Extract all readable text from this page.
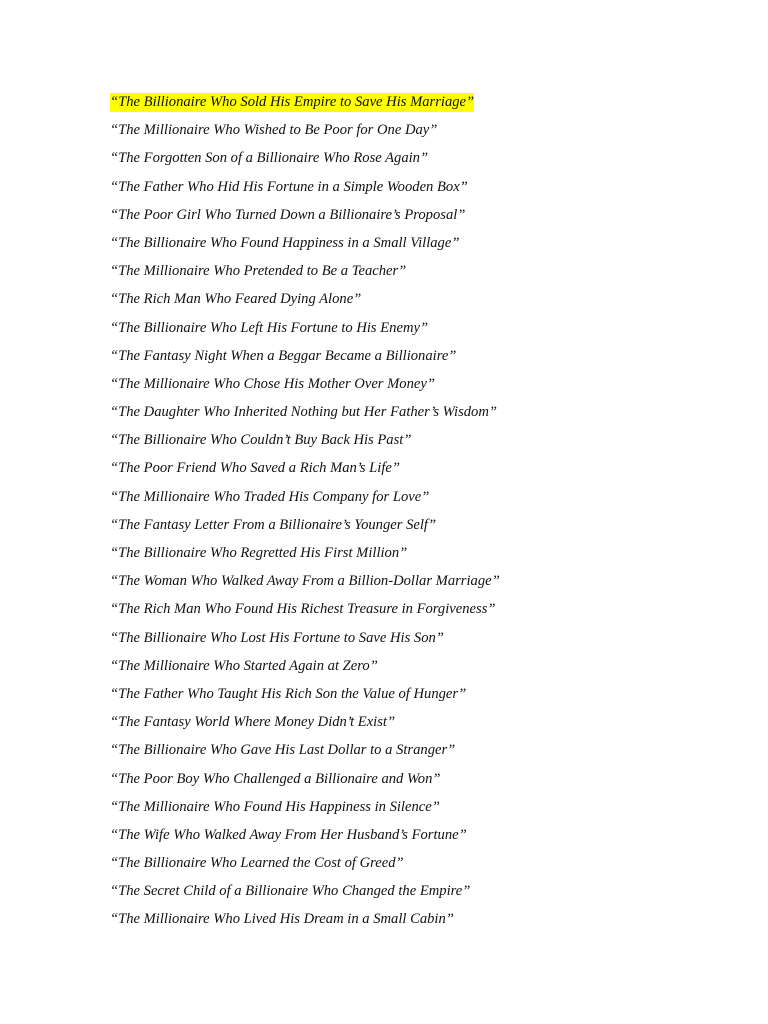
“The Billionaire Who Sold His Empire to Save His Marriage”
“The Millionaire Who Wished to Be Poor for One Day”
“The Forgotten Son of a Billionaire Who Rose Again”
“The Father Who Hid His Fortune in a Simple Wooden Box”
“The Poor Girl Who Turned Down a Billionaire’s Proposal”
“The Billionaire Who Found Happiness in a Small Village”
“The Millionaire Who Pretended to Be a Teacher”
“The Rich Man Who Feared Dying Alone”
“The Billionaire Who Left His Fortune to His Enemy”
“The Fantasy Night When a Beggar Became a Billionaire”
“The Millionaire Who Chose His Mother Over Money”
“The Daughter Who Inherited Nothing but Her Father’s Wisdom”
“The Billionaire Who Couldn’t Buy Back His Past”
“The Poor Friend Who Saved a Rich Man’s Life”
“The Millionaire Who Traded His Company for Love”
“The Fantasy Letter From a Billionaire’s Younger Self”
“The Billionaire Who Regretted His First Million”
“The Woman Who Walked Away From a Billion-Dollar Marriage”
“The Rich Man Who Found His Richest Treasure in Forgiveness”
“The Billionaire Who Lost His Fortune to Save His Son”
“The Millionaire Who Started Again at Zero”
“The Father Who Taught His Rich Son the Value of Hunger”
“The Fantasy World Where Money Didn’t Exist”
“The Billionaire Who Gave His Last Dollar to a Stranger”
“The Poor Boy Who Challenged a Billionaire and Won”
“The Millionaire Who Found His Happiness in Silence”
“The Wife Who Walked Away From Her Husband’s Fortune”
“The Billionaire Who Learned the Cost of Greed”
“The Secret Child of a Billionaire Who Changed the Empire”
“The Millionaire Who Lived His Dream in a Small Cabin”
